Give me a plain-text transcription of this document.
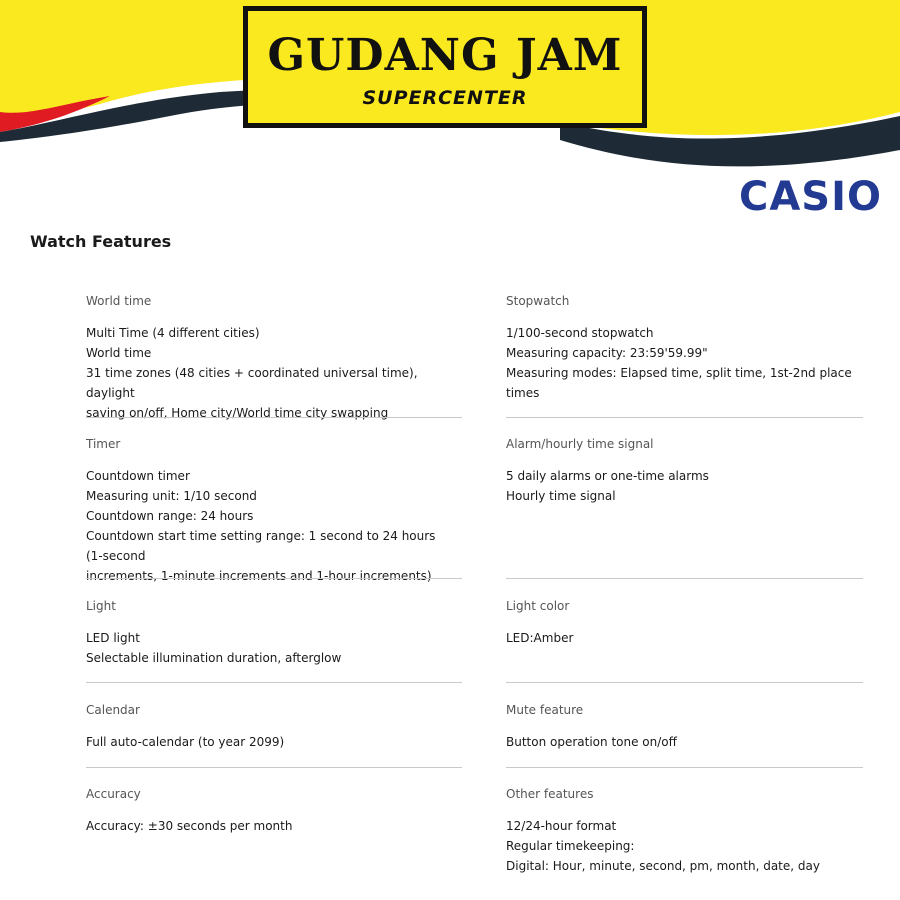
GUDANG JAM
SUPERCENTER
CASIO
Watch Features
World time
Multi Time (4 different cities)
World time
31 time zones (48 cities + coordinated universal time), daylight
saving on/off, Home city/World time city swapping
Stopwatch
1/100-second stopwatch
Measuring capacity: 23:59'59.99"
Measuring modes: Elapsed time, split time, 1st-2nd place times
Timer
Countdown timer
Measuring unit: 1/10 second
Countdown range: 24 hours
Countdown start time setting range: 1 second to 24 hours (1-second
increments, 1-minute increments and 1-hour increments)
Alarm/hourly time signal
5 daily alarms or one-time alarms
Hourly time signal
Light
LED light
Selectable illumination duration, afterglow
Light color
LED:Amber
Calendar
Full auto-calendar (to year 2099)
Mute feature
Button operation tone on/off
Accuracy
Accuracy: ±30 seconds per month
Other features
12/24-hour format
Regular timekeeping:
Digital: Hour, minute, second, pm, month, date, day
